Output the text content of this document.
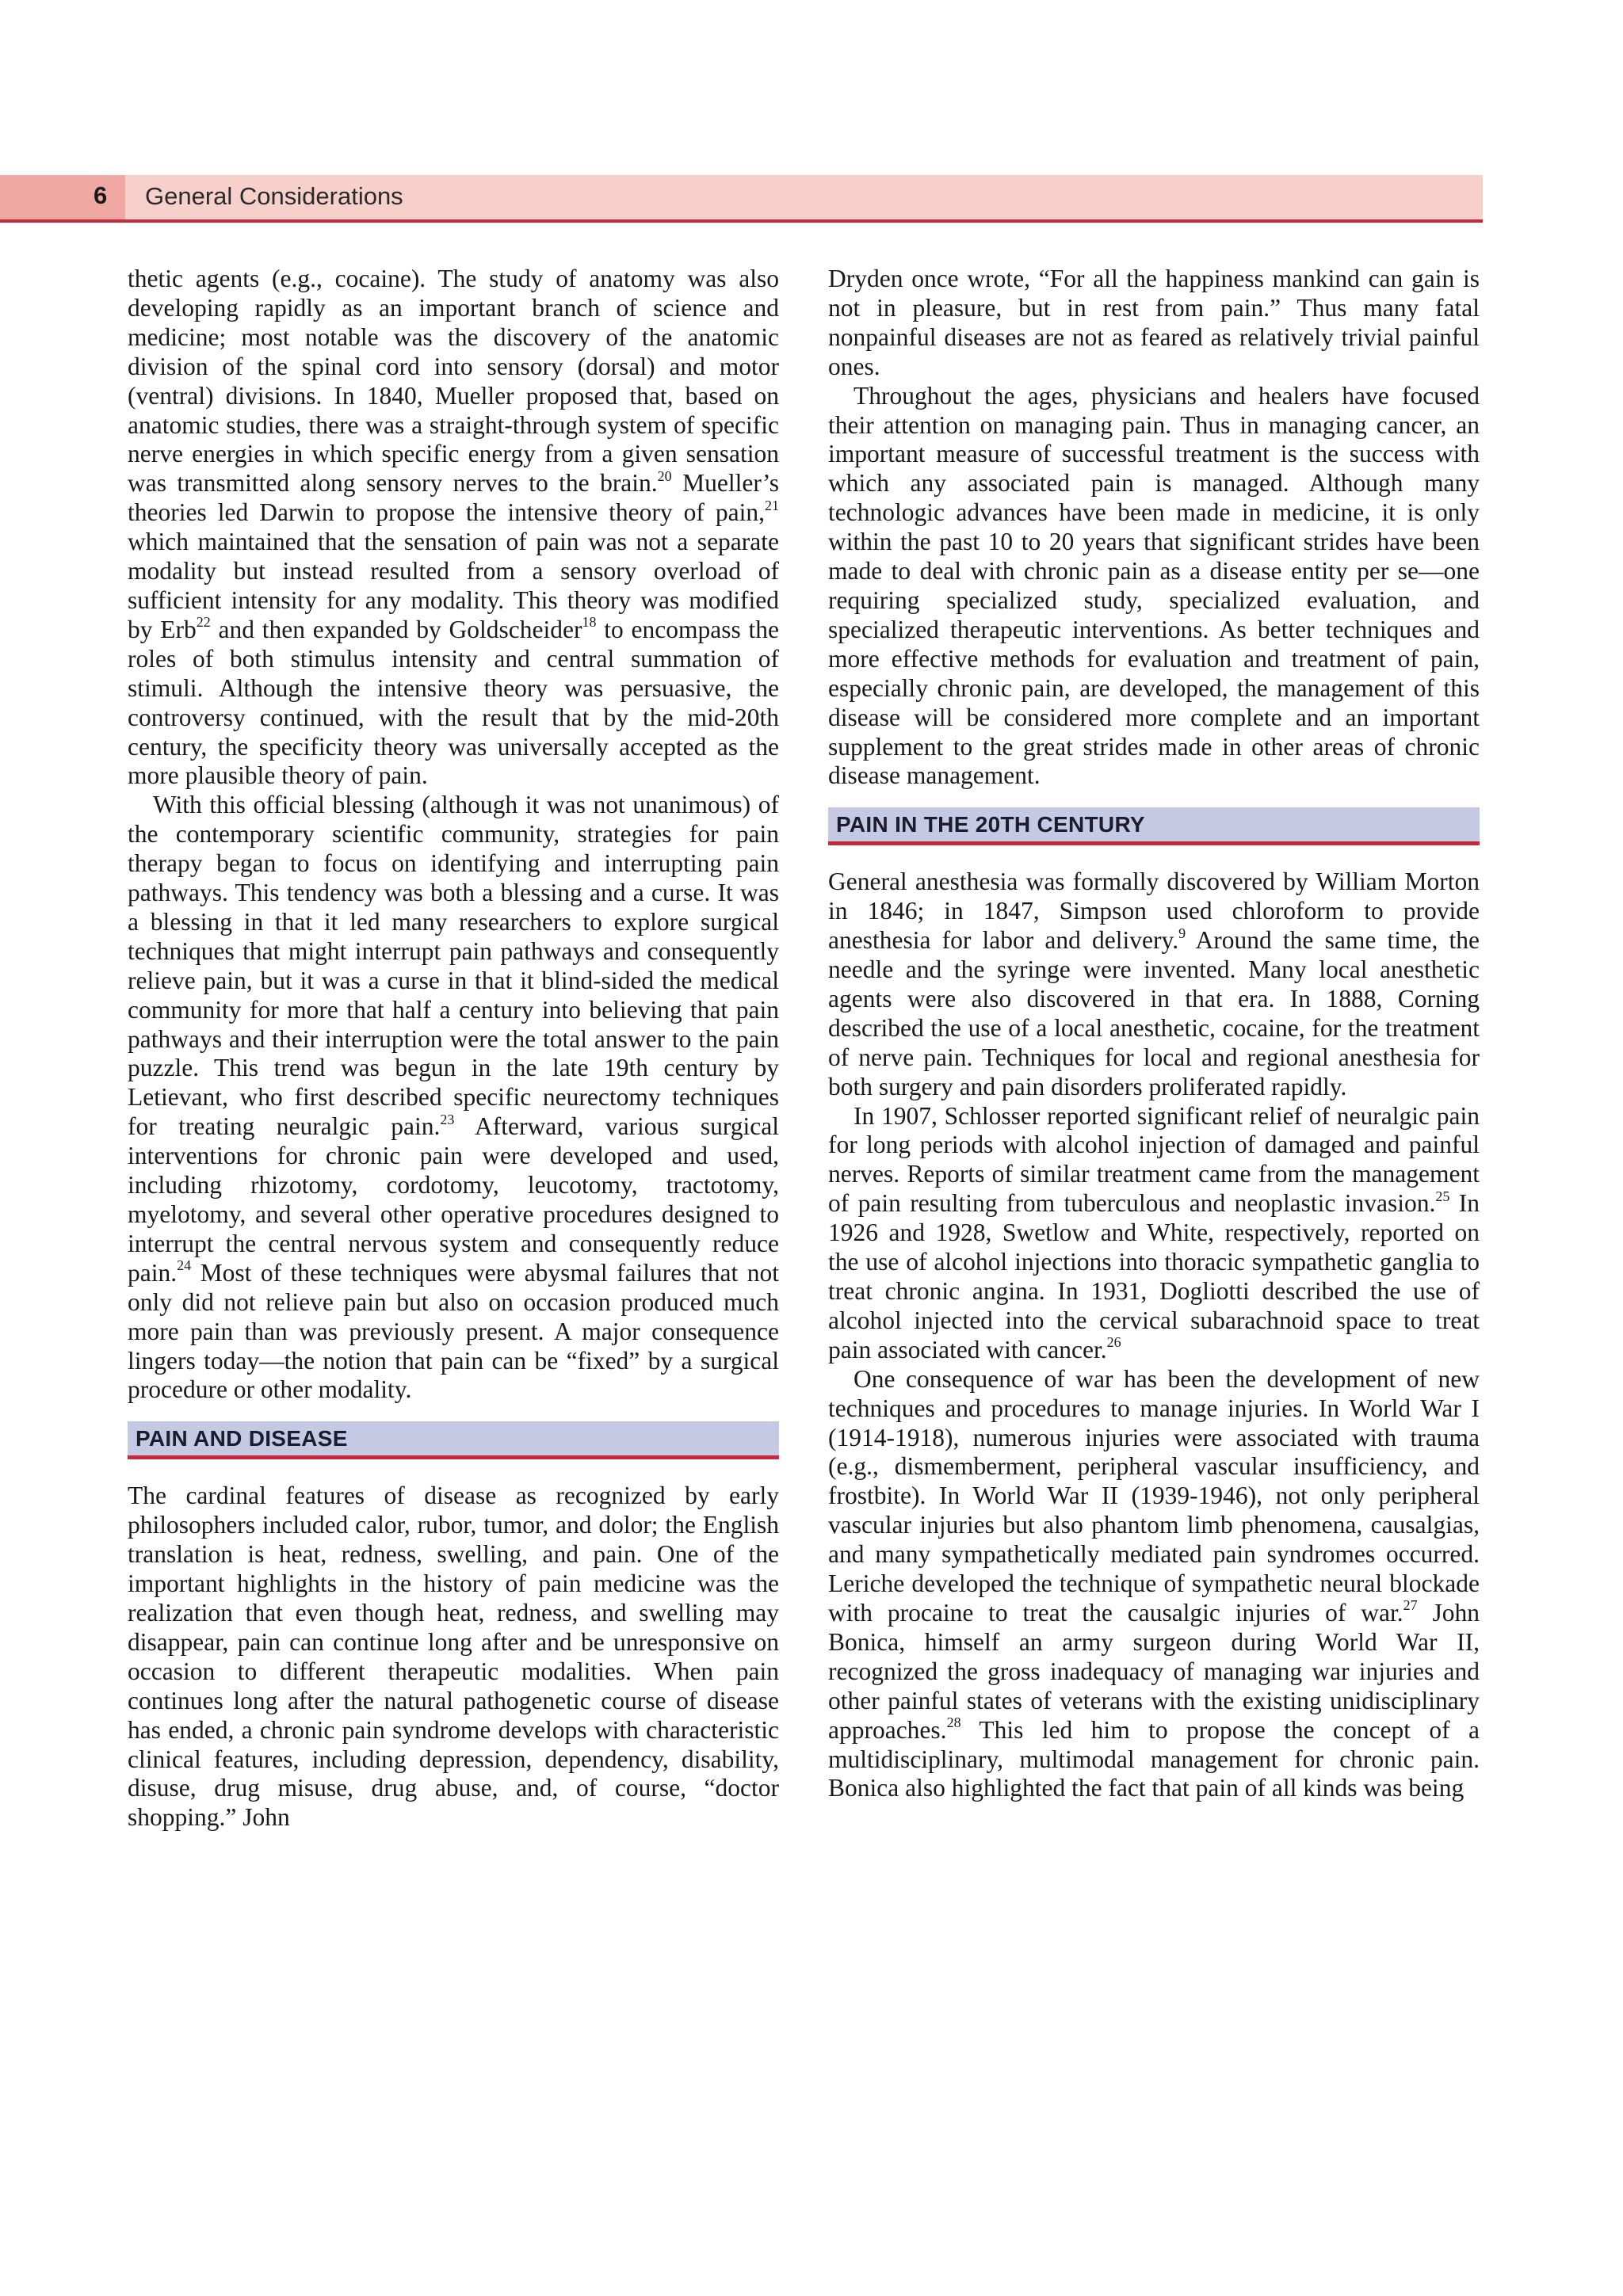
6 General Considerations

thetic agents (e.g., cocaine). The study of anatomy was also developing rapidly as an important branch of science and medicine; most notable was the discovery of the anatomic division of the spinal cord into sensory (dorsal) and motor (ventral) divisions. In 1840, Mueller proposed that, based on anatomic studies, there was a straight-through system of specific nerve energies in which specific energy from a given sensation was transmitted along sensory nerves to the brain.$^{20}$ Mueller’s theories led Darwin to propose the intensive theory of pain,$^{21}$ which maintained that the sensation of pain was not a separate modality but instead resulted from a sensory overload of sufficient intensity for any modality. This theory was modified by Erb$^{22}$ and then expanded by Goldscheider$^{18}$ to encompass the roles of both stimulus intensity and central summation of stimuli. Although the intensive theory was persuasive, the controversy continued, with the result that by the mid-20th century, the specificity theory was universally accepted as the more plausible theory of pain.

With this official blessing (although it was not unanimous) of the contemporary scientific community, strategies for pain therapy began to focus on identifying and interrupting pain pathways. This tendency was both a blessing and a curse. It was a blessing in that it led many researchers to explore surgical techniques that might interrupt pain pathways and consequently relieve pain, but it was a curse in that it blind-sided the medical community for more that half a century into believing that pain pathways and their interruption were the total answer to the pain puzzle. This trend was begun in the late 19th century by Letievant, who first described specific neurectomy techniques for treating neuralgic pain.$^{23}$ Afterward, various surgical interventions for chronic pain were developed and used, including rhizotomy, cordotomy, leucotomy, tractotomy, myelotomy, and several other operative procedures designed to interrupt the central nervous system and consequently reduce pain.$^{24}$ Most of these techniques were abysmal failures that not only did not relieve pain but also on occasion produced much more pain than was previously present. A major consequence lingers today—the notion that pain can be “fixed” by a surgical procedure or other modality.

PAIN AND DISEASE

The cardinal features of disease as recognized by early philosophers included calor, rubor, tumor, and dolor; the English translation is heat, redness, swelling, and pain. One of the important highlights in the history of pain medicine was the realization that even though heat, redness, and swelling may disappear, pain can continue long after and be unresponsive on occasion to different therapeutic modalities. When pain continues long after the natural pathogenetic course of disease has ended, a chronic pain syndrome develops with characteristic clinical features, including depression, dependency, disability, disuse, drug misuse, drug abuse, and, of course, “doctor shopping.” John

Dryden once wrote, “For all the happiness mankind can gain is not in pleasure, but in rest from pain.” Thus many fatal nonpainful diseases are not as feared as relatively trivial painful ones.

Throughout the ages, physicians and healers have focused their attention on managing pain. Thus in managing cancer, an important measure of successful treatment is the success with which any associated pain is managed. Although many technologic advances have been made in medicine, it is only within the past 10 to 20 years that significant strides have been made to deal with chronic pain as a disease entity per se—one requiring specialized study, specialized evaluation, and specialized therapeutic interventions. As better techniques and more effective methods for evaluation and treatment of pain, especially chronic pain, are developed, the management of this disease will be considered more complete and an important supplement to the great strides made in other areas of chronic disease management.

PAIN IN THE 20TH CENTURY

General anesthesia was formally discovered by William Morton in 1846; in 1847, Simpson used chloroform to provide anesthesia for labor and delivery.$^9$ Around the same time, the needle and the syringe were invented. Many local anesthetic agents were also discovered in that era. In 1888, Corning described the use of a local anesthetic, cocaine, for the treatment of nerve pain. Techniques for local and regional anesthesia for both surgery and pain disorders proliferated rapidly.

In 1907, Schlosser reported significant relief of neuralgic pain for long periods with alcohol injection of damaged and painful nerves. Reports of similar treatment came from the management of pain resulting from tuberculous and neoplastic invasion.$^{25}$ In 1926 and 1928, Swetlow and White, respectively, reported on the use of alcohol injections into thoracic sympathetic ganglia to treat chronic angina. In 1931, Dogliotti described the use of alcohol injected into the cervical subarachnoid space to treat pain associated with cancer.$^{26}$

One consequence of war has been the development of new techniques and procedures to manage injuries. In World War I (1914-1918), numerous injuries were associated with trauma (e.g., dismemberment, peripheral vascular insufficiency, and frostbite). In World War II (1939-1946), not only peripheral vascular injuries but also phantom limb phenomena, causalgias, and many sympathetically mediated pain syndromes occurred. Leriche developed the technique of sympathetic neural blockade with procaine to treat the causalgic injuries of war.$^{27}$ John Bonica, himself an army surgeon during World War II, recognized the gross inadequacy of managing war injuries and other painful states of veterans with the existing unidisciplinary approaches.$^{28}$ This led him to propose the concept of a multidisciplinary, multimodal management for chronic pain. Bonica also highlighted the fact that pain of all kinds was being
